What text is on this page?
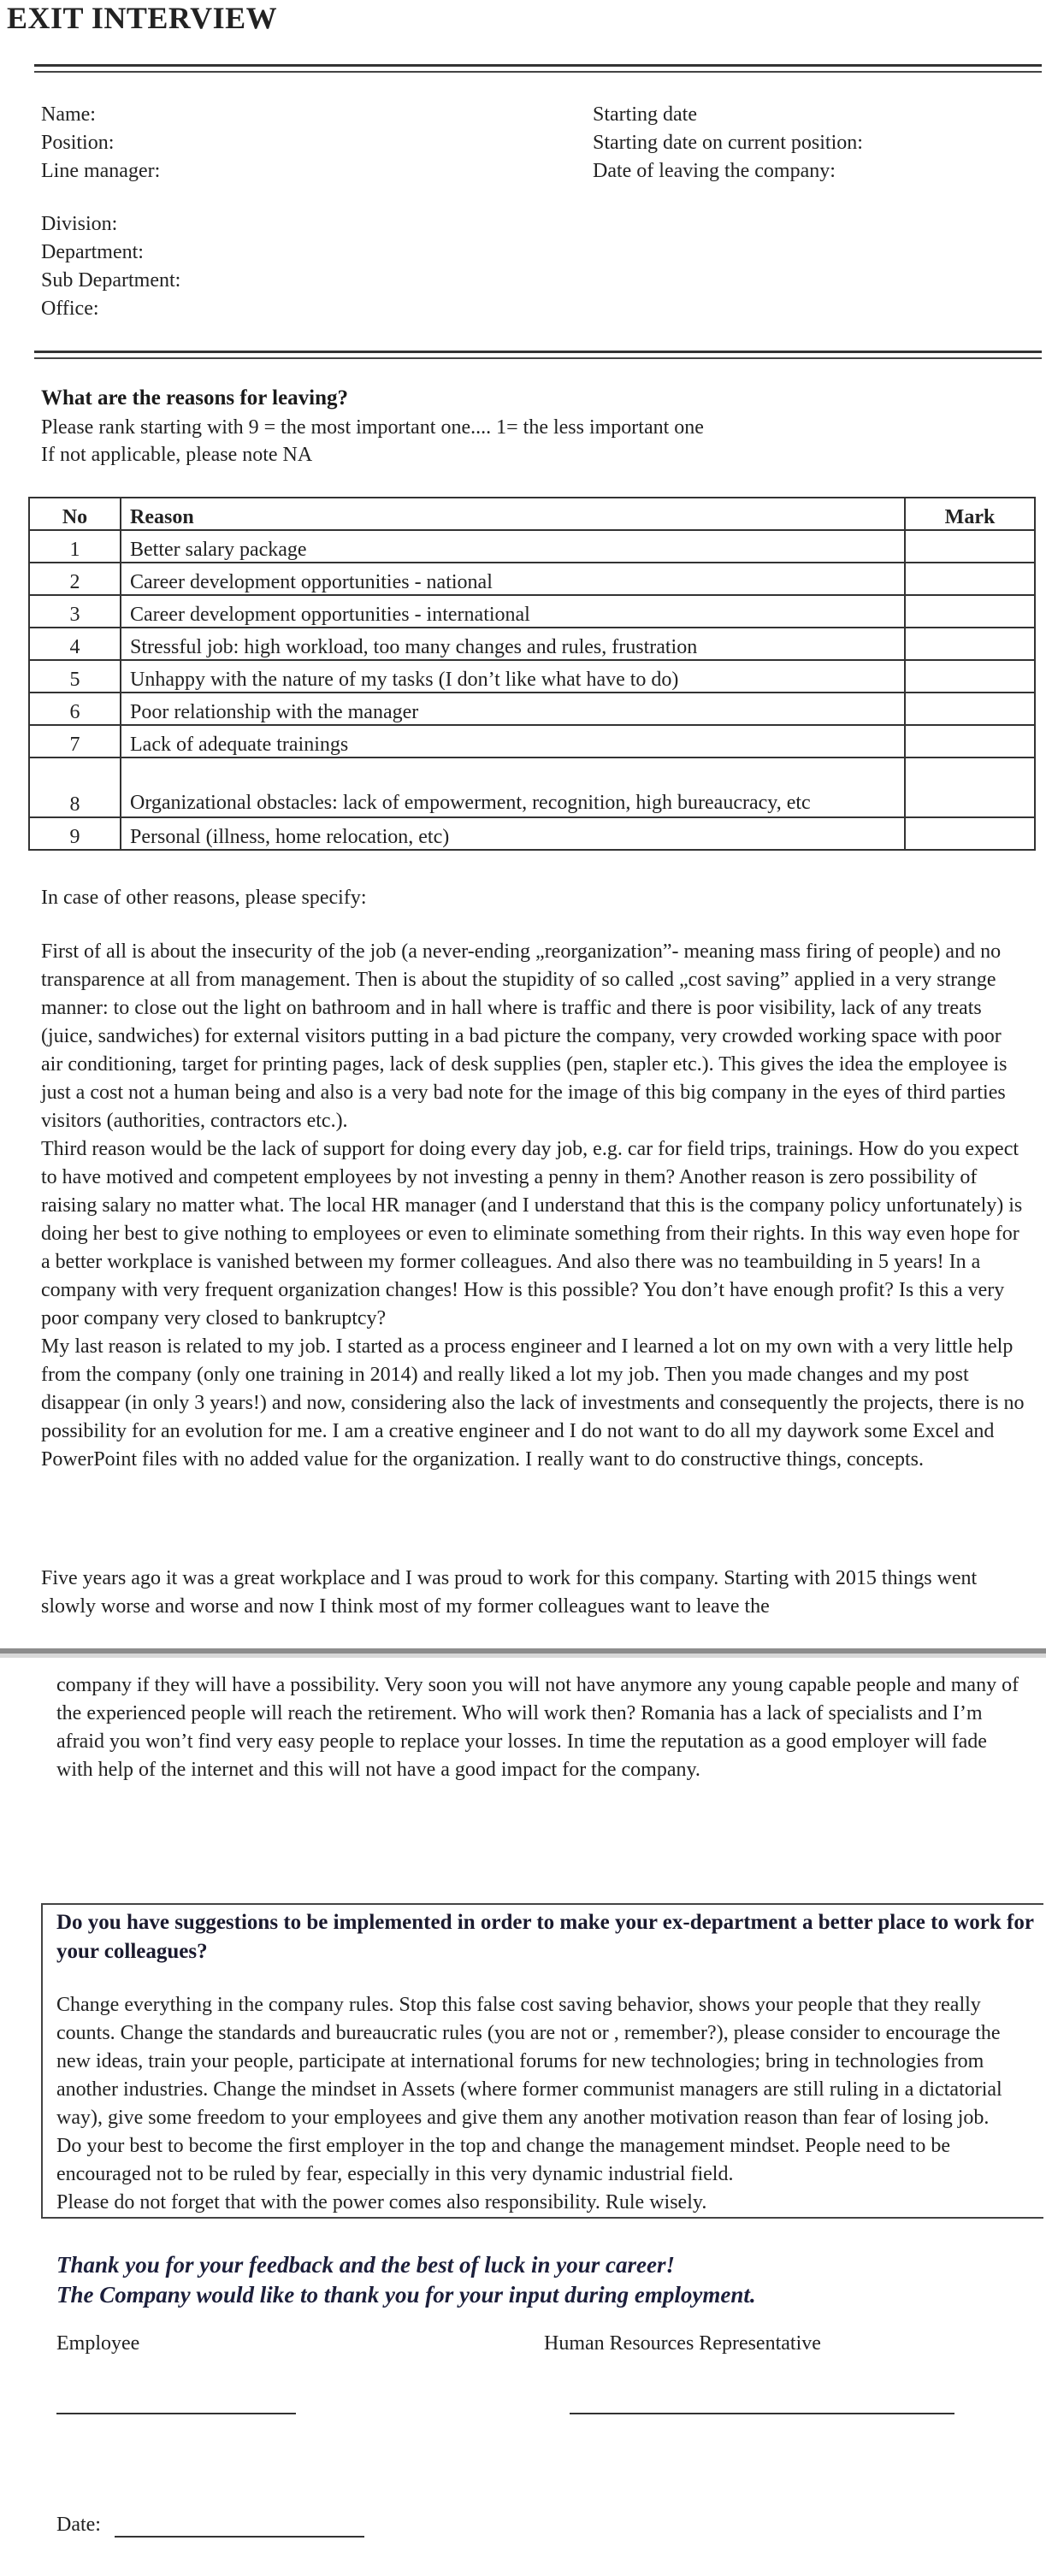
EXIT INTERVIEW
Name:
Position:
Line manager:
Starting date
Starting date on current position:
Date of leaving the company:
Division:
Department:
Sub Department:
Office:
What are the reasons for leaving?
Please rank starting with 9 = the most important one.... 1= the less important one
If not applicable, please note NA
No	Reason	Mark
1	Better salary package	
2	Career development opportunities - national	
3	Career development opportunities - international	
4	Stressful job: high workload, too many changes and rules, frustration	
5	Unhappy with the nature of my tasks (I don’t like what have to do)	
6	Poor relationship with the manager	
7	Lack of adequate trainings	
8	Organizational obstacles: lack of empowerment, recognition, high bureaucracy, etc	
9	Personal (illness, home relocation, etc)	
In case of other reasons, please specify:
First of all is about the insecurity of the job (a never-ending „reorganization”- meaning mass firing of people) and no transparence at all from management. Then is about the stupidity of so called „cost saving” applied in a very strange manner: to close out the light on bathroom and in hall where is traffic and there is poor visibility, lack of any treats (juice, sandwiches) for external visitors putting in a bad picture the company, very crowded working space with poor air conditioning, target for printing pages, lack of desk supplies (pen, stapler etc.). This gives the idea the employee is just a cost not a human being and also is a very bad note for the image of this big company in the eyes of third parties visitors (authorities, contractors etc.).
Third reason would be the lack of support for doing every day job, e.g. car for field trips, trainings. How do you expect to have motived and competent employees by not investing a penny in them? Another reason is zero possibility of raising salary no matter what. The local HR manager (and I understand that this is the company policy unfortunately) is doing her best to give nothing to employees or even to eliminate something from their rights. In this way even hope for a better workplace is vanished between my former colleagues. And also there was no teambuilding in 5 years! In a company with very frequent organization changes! How is this possible? You don’t have enough profit? Is this a very poor company very closed to bankruptcy?
My last reason is related to my job. I started as a process engineer and I learned a lot on my own with a very little help from the company (only one training in 2014) and really liked a lot my job. Then you made changes and my post disappear (in only 3 years!) and now, considering also the lack of investments and consequently the projects, there is no possibility for an evolution for me. I am a creative engineer and I do not want to do all my daywork some Excel and PowerPoint files with no added value for the organization. I really want to do constructive things, concepts.
Five years ago it was a great workplace and I was proud to work for this company. Starting with 2015 things went slowly worse and worse and now I think most of my former colleagues want to leave the
company if they will have a possibility. Very soon you will not have anymore any young capable people and many of the experienced people will reach the retirement. Who will work then? Romania has a lack of specialists and I’m afraid you won’t find very easy people to replace your losses. In time the reputation as a good employer will fade with help of the internet and this will not have a good impact for the company.
Do you have suggestions to be implemented in order to make your ex-department a better place to work for your colleagues?
Change everything in the company rules. Stop this false cost saving behavior, shows your people that they really counts. Change the standards and bureaucratic rules (you are not or , remember?), please consider to encourage the new ideas, train your people, participate at international forums for new technologies; bring in technologies from another industries. Change the mindset in Assets (where former communist managers are still ruling in a dictatorial way), give some freedom to your employees and give them any another motivation reason than fear of losing job.
Do your best to become the first employer in the top and change the management mindset. People need to be encouraged not to be ruled by fear, especially in this very dynamic industrial field.
Please do not forget that with the power comes also responsibility. Rule wisely.
Thank you for your feedback and the best of luck in your career!
The Company would like to thank you for your input during employment.
Employee	Human Resources Representative
Date:
